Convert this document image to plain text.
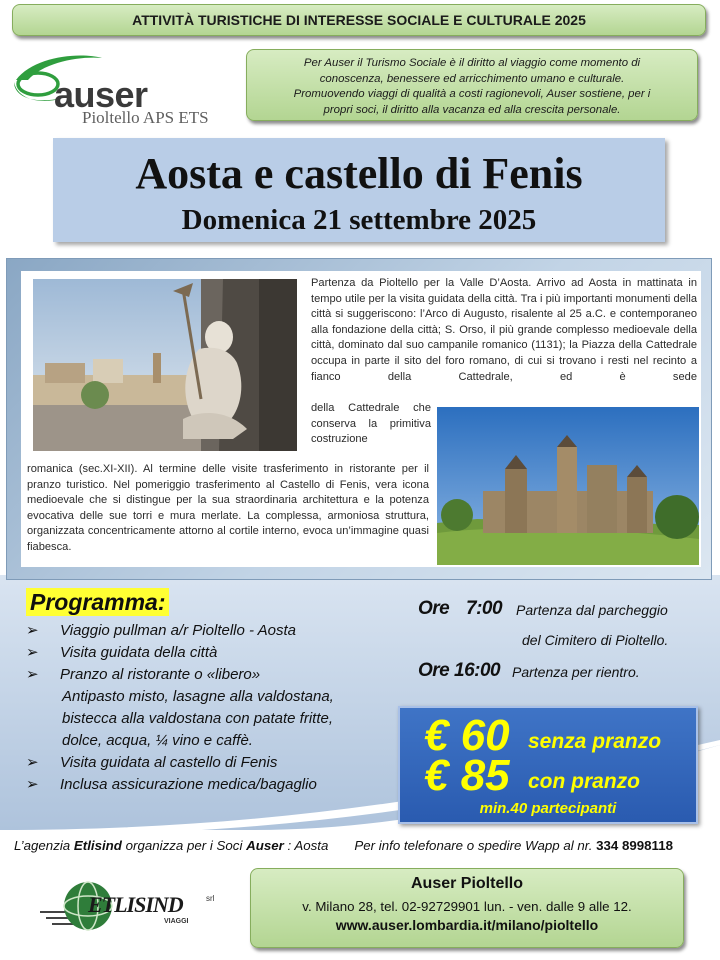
ATTIVITÀ TURISTICHE DI INTERESSE SOCIALE E CULTURALE 2025
auser
Pioltello APS ETS
Per Auser il Turismo Sociale è il diritto al viaggio come momento di
conoscenza, benessere ed arricchimento umano e culturale.
Promuovendo viaggi di qualità a costi ragionevoli, Auser sostiene, per i
propri soci, il diritto alla vacanza ed alla crescita personale.
Aosta e castello di Fenis
Domenica 21 settembre 2025
Partenza da Pioltello per la Valle D’Aosta. Arrivo ad Aosta in mattinata in tempo utile per la visita guidata della città. Tra i più importanti monumenti della città si suggeriscono: l’Arco di Augusto, risalente al 25 a.C. e contemporaneo alla fondazione della città; S. Orso, il più grande complesso medioevale della città, dominato dal suo campanile romanico (1131); la Piazza della Cattedrale occupa in parte il sito del foro romano, di cui si trovano i resti nel recinto a fianco della Cattedrale, ed è sede
della Cattedrale che conserva la primitiva costruzione
romanica (sec.XI-XII). Al termine delle visite trasferimento in ristorante per il pranzo turistico. Nel pomeriggio trasferimento al Castello di Fenis, vera icona medioevale che si distingue per la sua straordinaria architettura e la potenza evocativa delle sue torri e mura merlate. La complessa, armoniosa struttura, organizzata concentricamente attorno al cortile interno, evoca un’immagine quasi fiabesca.
Programma:
➢ Viaggio pullman a/r Pioltello - Aosta
➢ Visita guidata della città
➢ Pranzo al ristorante o «libero»
Antipasto misto, lasagne alla valdostana,
bistecca alla valdostana con patate fritte,
dolce, acqua, ¼ vino e caffè.
➢ Visita guidata al castello di Fenis
➢ Inclusa assicurazione medica/bagaglio
Ore 7:00 Partenza dal parcheggio
del Cimitero di Pioltello.
Ore 16:00 Partenza per rientro.
€ 60 senza pranzo
€ 85 con pranzo
min.40 partecipanti
L’agenzia Etlisind organizza per i Soci Auser : Aosta Per info telefonare o spedire Wapp al nr. 334 8998118
ETLISIND	srl
VIAGGI
Auser Pioltello
v. Milano 28, tel. 02-92729901 lun. - ven. dalle 9 alle 12.
www.auser.lombardia.it/milano/pioltello
